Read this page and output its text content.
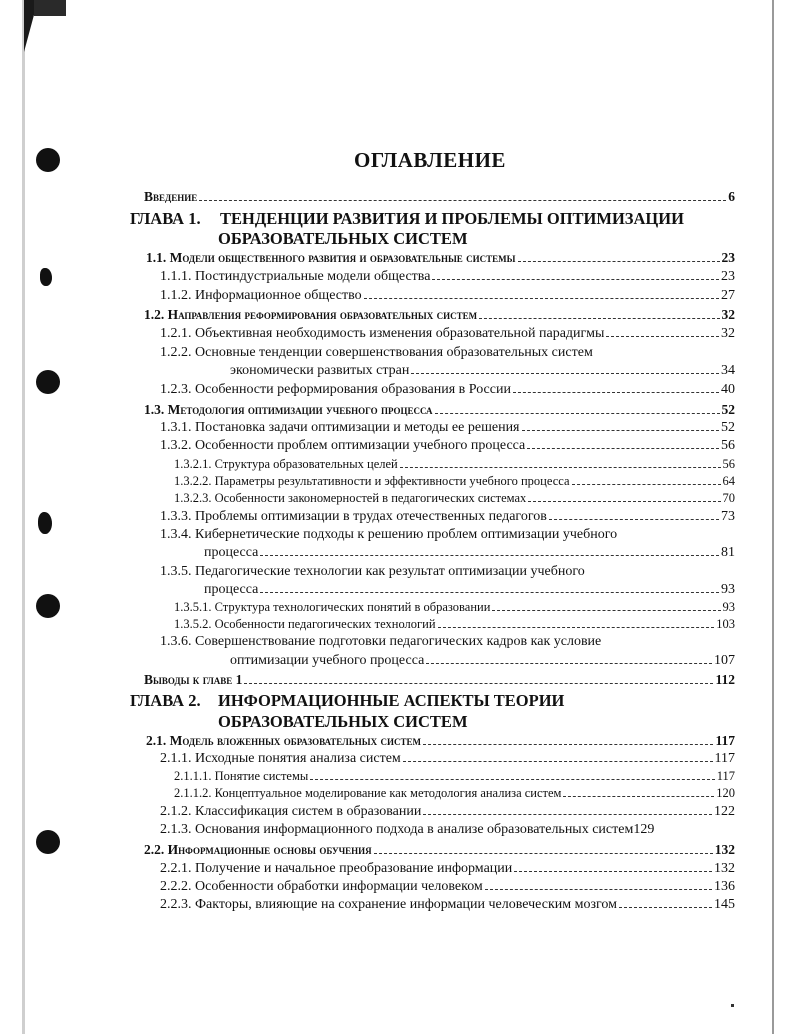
ОГЛАВЛЕНИЕ
Введение	6
ГЛАВА 1. ТЕНДЕНЦИИ РАЗВИТИЯ И ПРОБЛЕМЫ ОПТИМИЗАЦИИ
ОБРАЗОВАТЕЛЬНЫХ СИСТЕМ
1.1. Модели общественного развития и образовательные системы	23
1.1.1. Постиндустриальные модели общества	23
1.1.2. Информационное общество	27
1.2. Направления реформирования образовательных систем	32
1.2.1. Объективная необходимость изменения образовательной парадигмы	32
1.2.2. Основные тенденции совершенствования образовательных систем
экономически развитых стран	34
1.2.3. Особенности реформирования образования в России	40
1.3. Методология оптимизации учебного процесса	52
1.3.1. Постановка задачи оптимизации и методы ее решения	52
1.3.2. Особенности проблем оптимизации учебного процесса	56
1.3.2.1. Структура образовательных целей	56
1.3.2.2. Параметры результативности и эффективности учебного процесса	64
1.3.2.3. Особенности закономерностей в педагогических системах	70
1.3.3. Проблемы оптимизации в трудах отечественных педагогов	73
1.3.4. Кибернетические подходы к решению проблем оптимизации учебного
процесса	81
1.3.5. Педагогические технологии как результат оптимизации учебного
процесса	93
1.3.5.1. Структура технологических понятий в образовании	93
1.3.5.2. Особенности педагогических технологий	103
1.3.6. Совершенствование подготовки педагогических кадров как условие
оптимизации учебного процесса	107
Выводы к главе 1	112
ГЛАВА 2. ИНФОРМАЦИОННЫЕ АСПЕКТЫ ТЕОРИИ
ОБРАЗОВАТЕЛЬНЫХ СИСТЕМ
2.1. Модель вложенных образовательных систем	117
2.1.1. Исходные понятия анализа систем	117
2.1.1.1. Понятие системы	117
2.1.1.2. Концептуальное моделирование как методология анализа систем	120
2.1.2. Классификация систем в образовании	122
2.1.3. Основания информационного подхода в анализе образовательных систем 129
2.2. Информационные основы обучения	132
2.2.1. Получение и начальное преобразование информации	132
2.2.2. Особенности обработки информации человеком	136
2.2.3. Факторы, влияющие на сохранение информации человеческим мозгом	145
